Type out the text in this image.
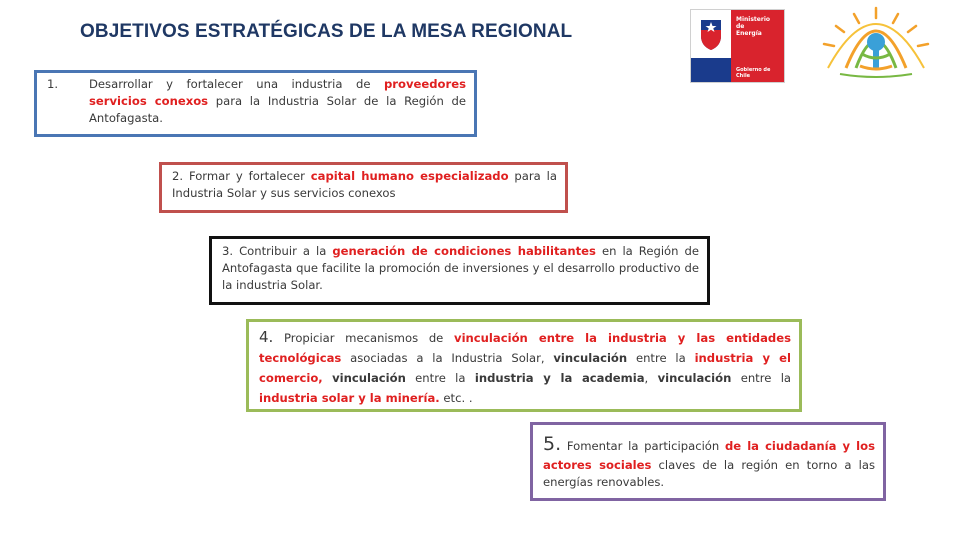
OBJETIVOS ESTRATÉGICAS DE LA MESA REGIONAL
Ministerio de
Energía
Gobierno de Chile
1.	Desarrollar y fortalecer una industria de proveedores servicios conexos para la Industria Solar de la Región de Antofagasta.
2. Formar y fortalecer capital humano especializado para la Industria Solar y sus servicios conexos
3. Contribuir a la generación de condiciones habilitantes en la Región de Antofagasta que facilite la promoción de inversiones y el desarrollo productivo de la industria Solar.
4. Propiciar mecanismos de vinculación entre la industria y las entidades tecnológicas asociadas a la Industria Solar, vinculación entre la industria y el comercio, vinculación entre la industria y la academia, vinculación entre la industria solar y la minería. etc. .
5. Fomentar la participación de la ciudadanía y los actores sociales claves de la región en torno a las energías renovables.
